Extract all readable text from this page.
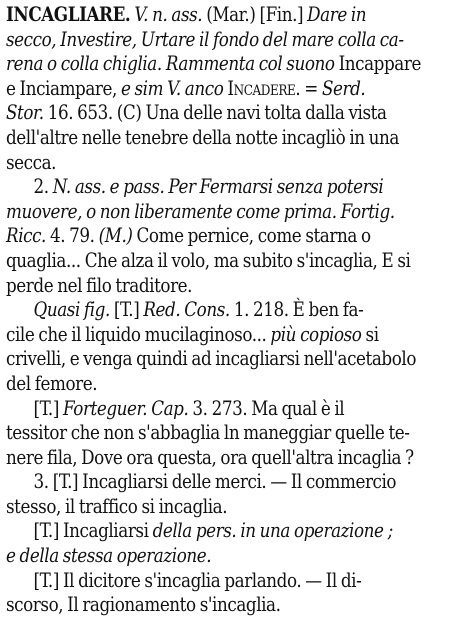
INCAGLIARE. V. n. ass. (Mar.) [Fin.] Dare in
secco, Investire, Urtare il fondo del mare colla ca-
rena o colla chiglia. Rammenta col suono Incappare
e Inciampare, e sim V. anco Incadere. = Serd.
Stor. 16. 653. (C) Una delle navi tolta dalla vista
dell'altre nelle tenebre della notte incagliò in una
secca.
2. N. ass. e pass. Per Fermarsi senza potersi
muovere, o non liberamente come prima. Fortig.
Ricc. 4. 79. (M.) Come pernice, come starna o
quaglia... Che alza il volo, ma subito s'incaglia, E si
perde nel filo traditore.
Quasi fig. [T.] Red. Cons. 1. 218. È ben fa-
cile che il liquido mucilaginoso... più copioso si
crivelli, e venga quindi ad incagliarsi nell'acetabolo
del femore.
[T.] Forteguer. Cap. 3. 273. Ma qual è il
tessitor che non s'abbaglia ln maneggiar quelle te-
nere fila, Dove ora questa, ora quell'altra incaglia ?
3. [T.] Incagliarsi delle merci. — Il commercio
stesso, il traffico si incaglia.
[T.] Incagliarsi della pers. in una operazione ;
e della stessa operazione.
[T.] Il dicitore s'incaglia parlando. — Il di-
scorso, Il ragionamento s'incaglia.
